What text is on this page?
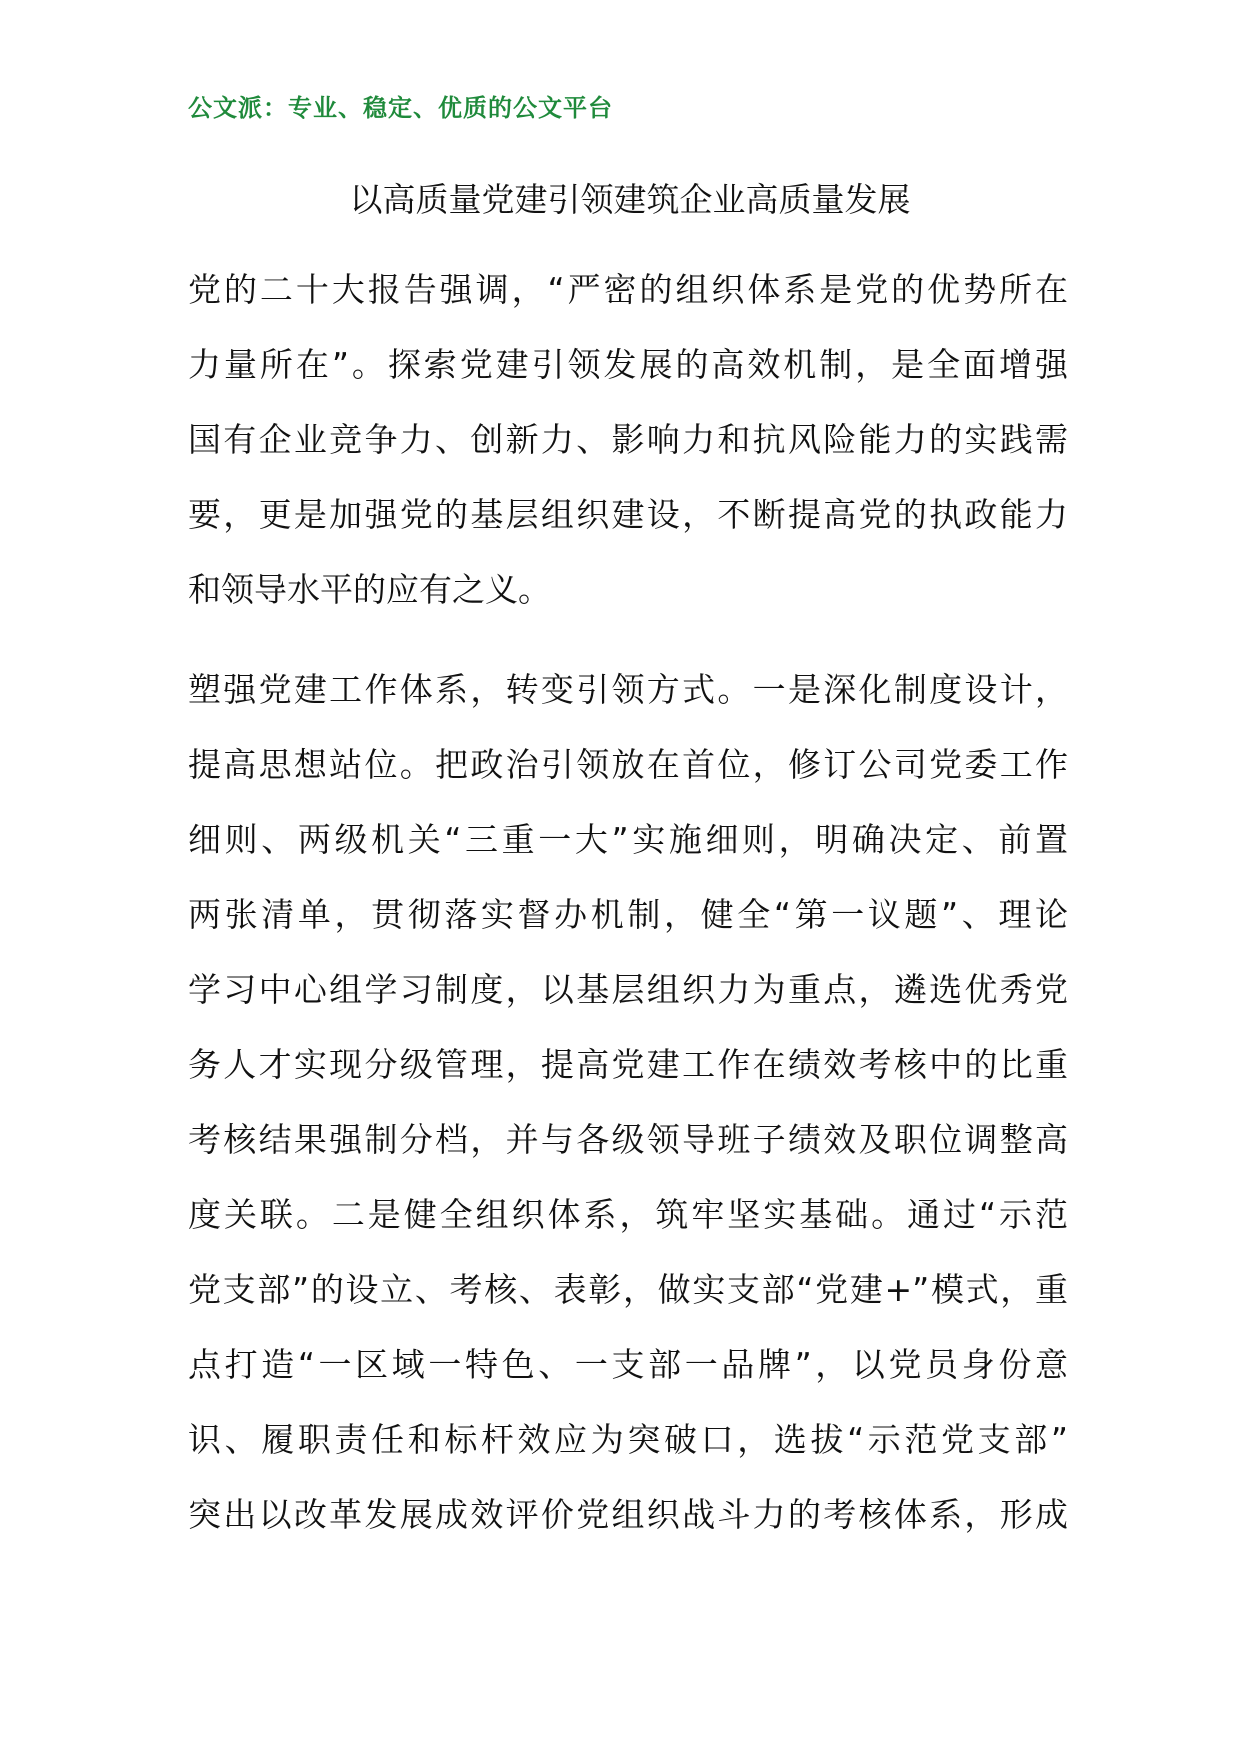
公文派：专业、稳定、优质的公文平台
以高质量党建引领建筑企业高质量发展
党的二十大报告强调，“严密的组织体系是党的优势所在
力量所在”。探索党建引领发展的高效机制，是全面增强
国有企业竞争力、创新力、影响力和抗风险能力的实践需
要，更是加强党的基层组织建设，不断提高党的执政能力
和领导水平的应有之义。
塑强党建工作体系，转变引领方式。一是深化制度设计，
提高思想站位。把政治引领放在首位，修订公司党委工作
细则、两级机关“三重一大”实施细则，明确决定、前置
两张清单，贯彻落实督办机制，健全“第一议题”、理论
学习中心组学习制度，以基层组织力为重点，遴选优秀党
务人才实现分级管理，提高党建工作在绩效考核中的比重
考核结果强制分档，并与各级领导班子绩效及职位调整高
度关联。二是健全组织体系，筑牢坚实基础。通过“示范
党支部”的设立、考核、表彰，做实支部“党建+”模式，重
点打造“一区域一特色、一支部一品牌”，以党员身份意
识、履职责任和标杆效应为突破口，选拔“示范党支部”
突出以改革发展成效评价党组织战斗力的考核体系，形成
